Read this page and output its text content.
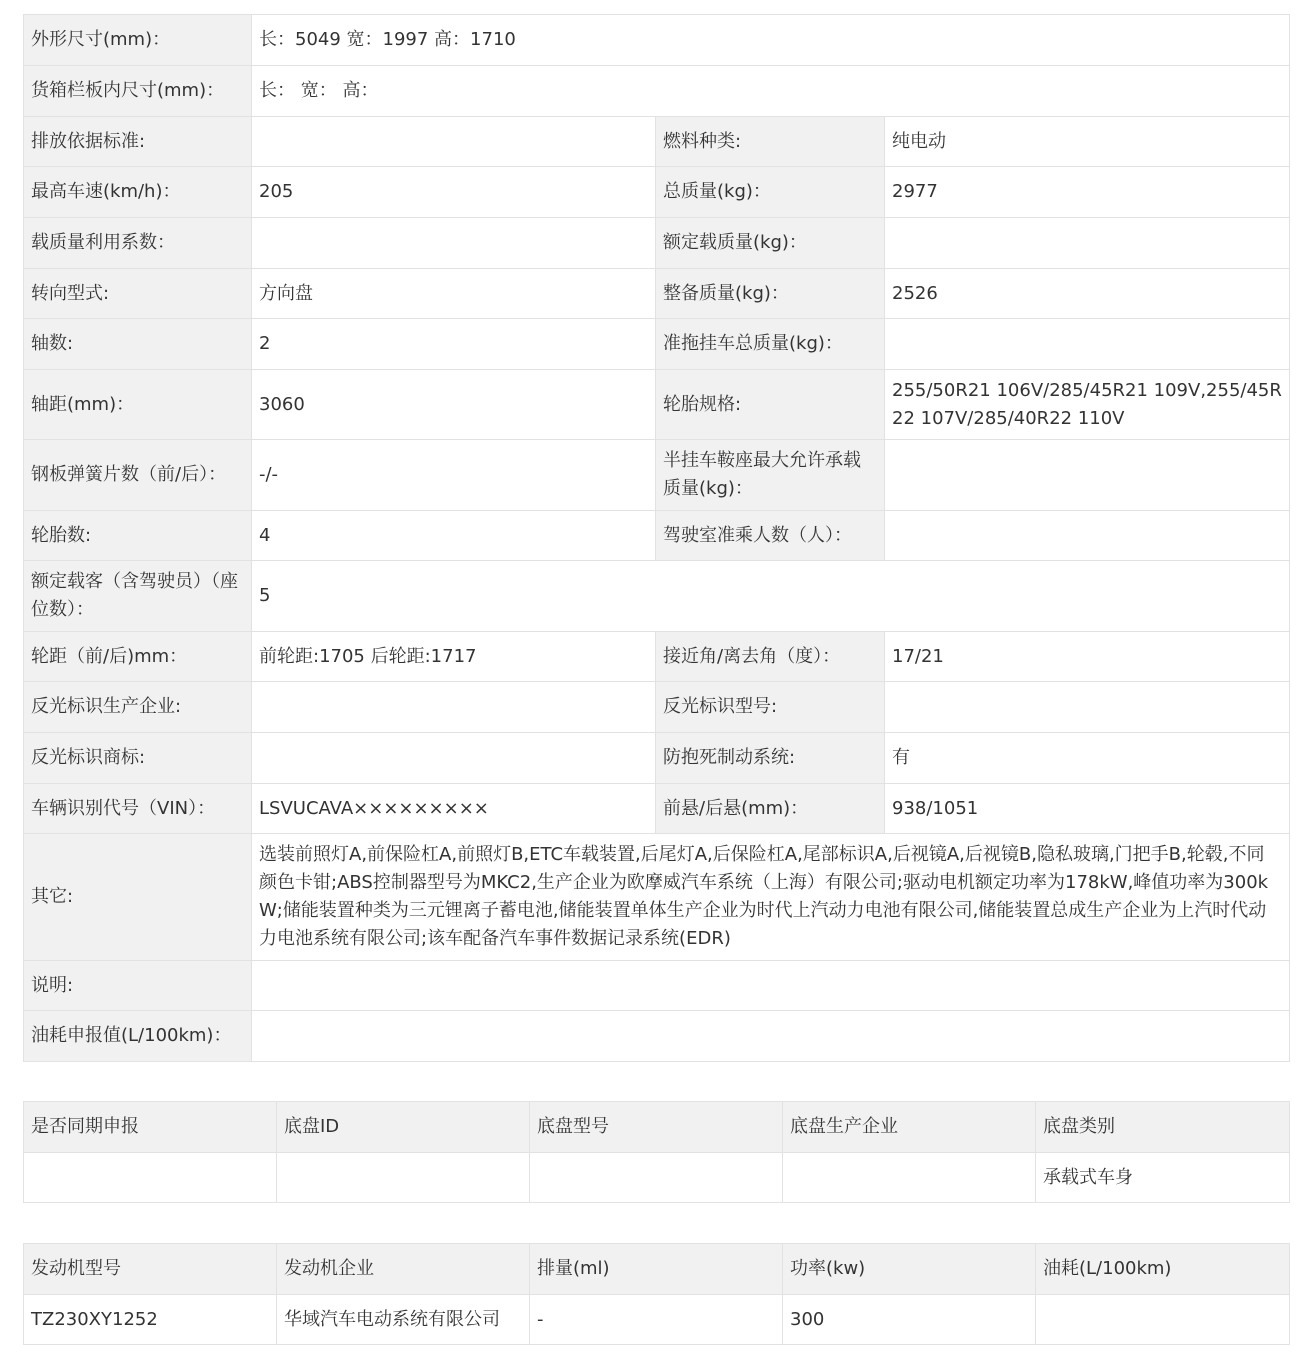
外形尺寸(mm)：	长：5049 宽：1997 高：1710		
货箱栏板内尺寸(mm)：	长： 宽： 高：		
排放依据标准:		燃料种类:	纯电动
最高车速(km/h)：	205	总质量(kg)：	2977
载质量利用系数：		额定载质量(kg)：	
转向型式:	方向盘	整备质量(kg)：	2526
轴数:	2	准拖挂车总质量(kg)：	
轴距(mm)：	3060	轮胎规格:	255/50R21 106V/285/45R21 109V,255/45R22 107V/285/40R22 110V
钢板弹簧片数（前/后）：	-/-	半挂车鞍座最大允许承载质量(kg)：	
轮胎数:	4	驾驶室准乘人数（人）：	
额定载客（含驾驶员）（座位数）：	5		
轮距（前/后)mm：	前轮距:1705 后轮距:1717	接近角/离去角（度）：	17/21
反光标识生产企业:		反光标识型号:	
反光标识商标:		防抱死制动系统:	有
车辆识别代号（VIN）：	LSVUCAVA×××××××××	前悬/后悬(mm)：	938/1051
其它:	选装前照灯A,前保险杠A,前照灯B,ETC车载装置,后尾灯A,后保险杠A,尾部标识A,后视镜A,后视镜B,隐私玻璃,门把手B,轮毂,不同颜色卡钳;ABS控制器型号为MKC2,生产企业为欧摩威汽车系统（上海）有限公司;驱动电机额定功率为178kW,峰值功率为300kW;储能装置种类为三元锂离子蓄电池,储能装置单体生产企业为时代上汽动力电池有限公司,储能装置总成生产企业为上汽时代动力电池系统有限公司;该车配备汽车事件数据记录系统(EDR)		
说明:			
油耗申报值(L/100km)：			
是否同期申报	底盘ID	底盘型号	底盘生产企业	底盘类别
				承载式车身
发动机型号	发动机企业	排量(ml)	功率(kw)	油耗(L/100km)
TZ230XY1252	华域汽车电动系统有限公司	-	300	
